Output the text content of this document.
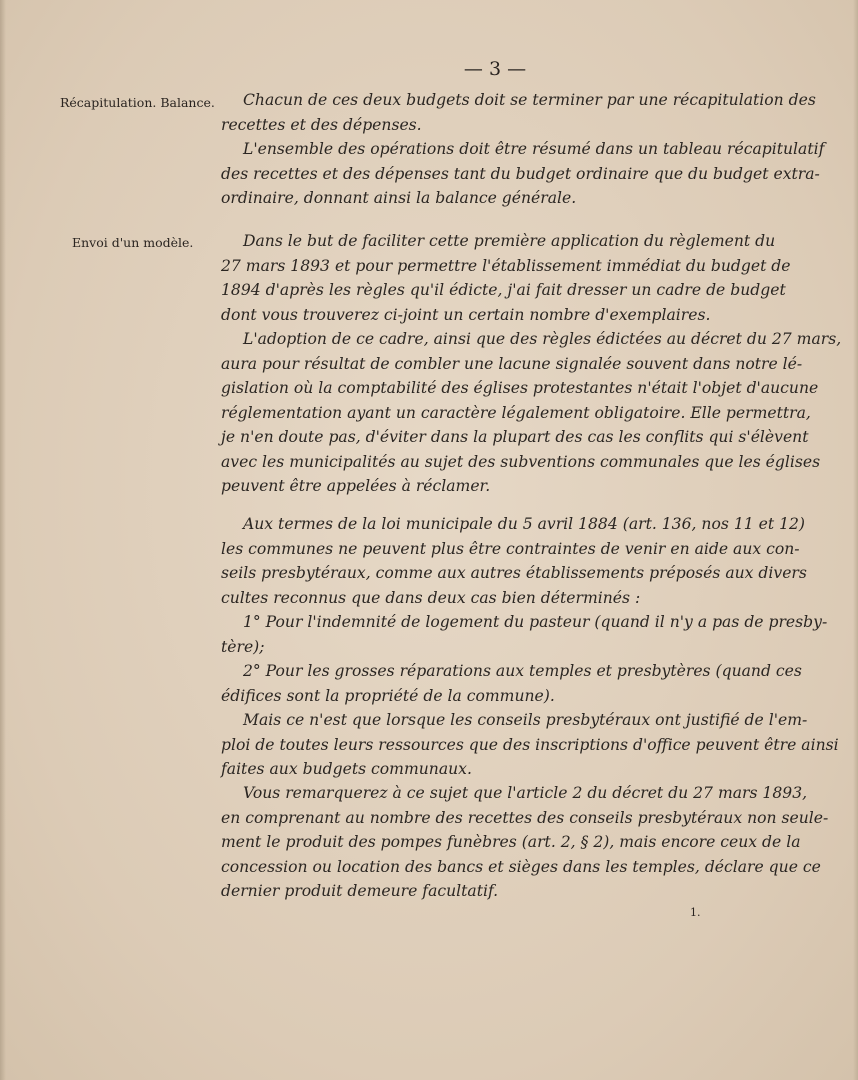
— 3 —
Récapitulation. Balance.
Envoi d'un modèle.
Chacun de ces deux budgets doit se terminer par une récapitulation des
recettes et des dépenses.
L'ensemble des opérations doit être résumé dans un tableau récapitulatif
des recettes et des dépenses tant du budget ordinaire que du budget extra-
ordinaire, donnant ainsi la balance générale.
Dans le but de faciliter cette première application du règlement du
27 mars 1893 et pour permettre l'établissement immédiat du budget de
1894 d'après les règles qu'il édicte, j'ai fait dresser un cadre de budget
dont vous trouverez ci-joint un certain nombre d'exemplaires.
L'adoption de ce cadre, ainsi que des règles édictées au décret du 27 mars,
aura pour résultat de combler une lacune signalée souvent dans notre lé-
gislation où la comptabilité des églises protestantes n'était l'objet d'aucune
réglementation ayant un caractère légalement obligatoire. Elle permettra,
je n'en doute pas, d'éviter dans la plupart des cas les conflits qui s'élèvent
avec les municipalités au sujet des subventions communales que les églises
peuvent être appelées à réclamer.
Aux termes de la loi municipale du 5 avril 1884 (art. 136, nos 11 et 12)
les communes ne peuvent plus être contraintes de venir en aide aux con-
seils presbytéraux, comme aux autres établissements préposés aux divers
cultes reconnus que dans deux cas bien déterminés :
1° Pour l'indemnité de logement du pasteur (quand il n'y a pas de presby-
tère);
2° Pour les grosses réparations aux temples et presbytères (quand ces
édifices sont la propriété de la commune).
Mais ce n'est que lorsque les conseils presbytéraux ont justifié de l'em-
ploi de toutes leurs ressources que des inscriptions d'office peuvent être ainsi
faites aux budgets communaux.
Vous remarquerez à ce sujet que l'article 2 du décret du 27 mars 1893,
en comprenant au nombre des recettes des conseils presbytéraux non seule-
ment le produit des pompes funèbres (art. 2, § 2), mais encore ceux de la
concession ou location des bancs et sièges dans les temples, déclare que ce
dernier produit demeure facultatif.
1.
